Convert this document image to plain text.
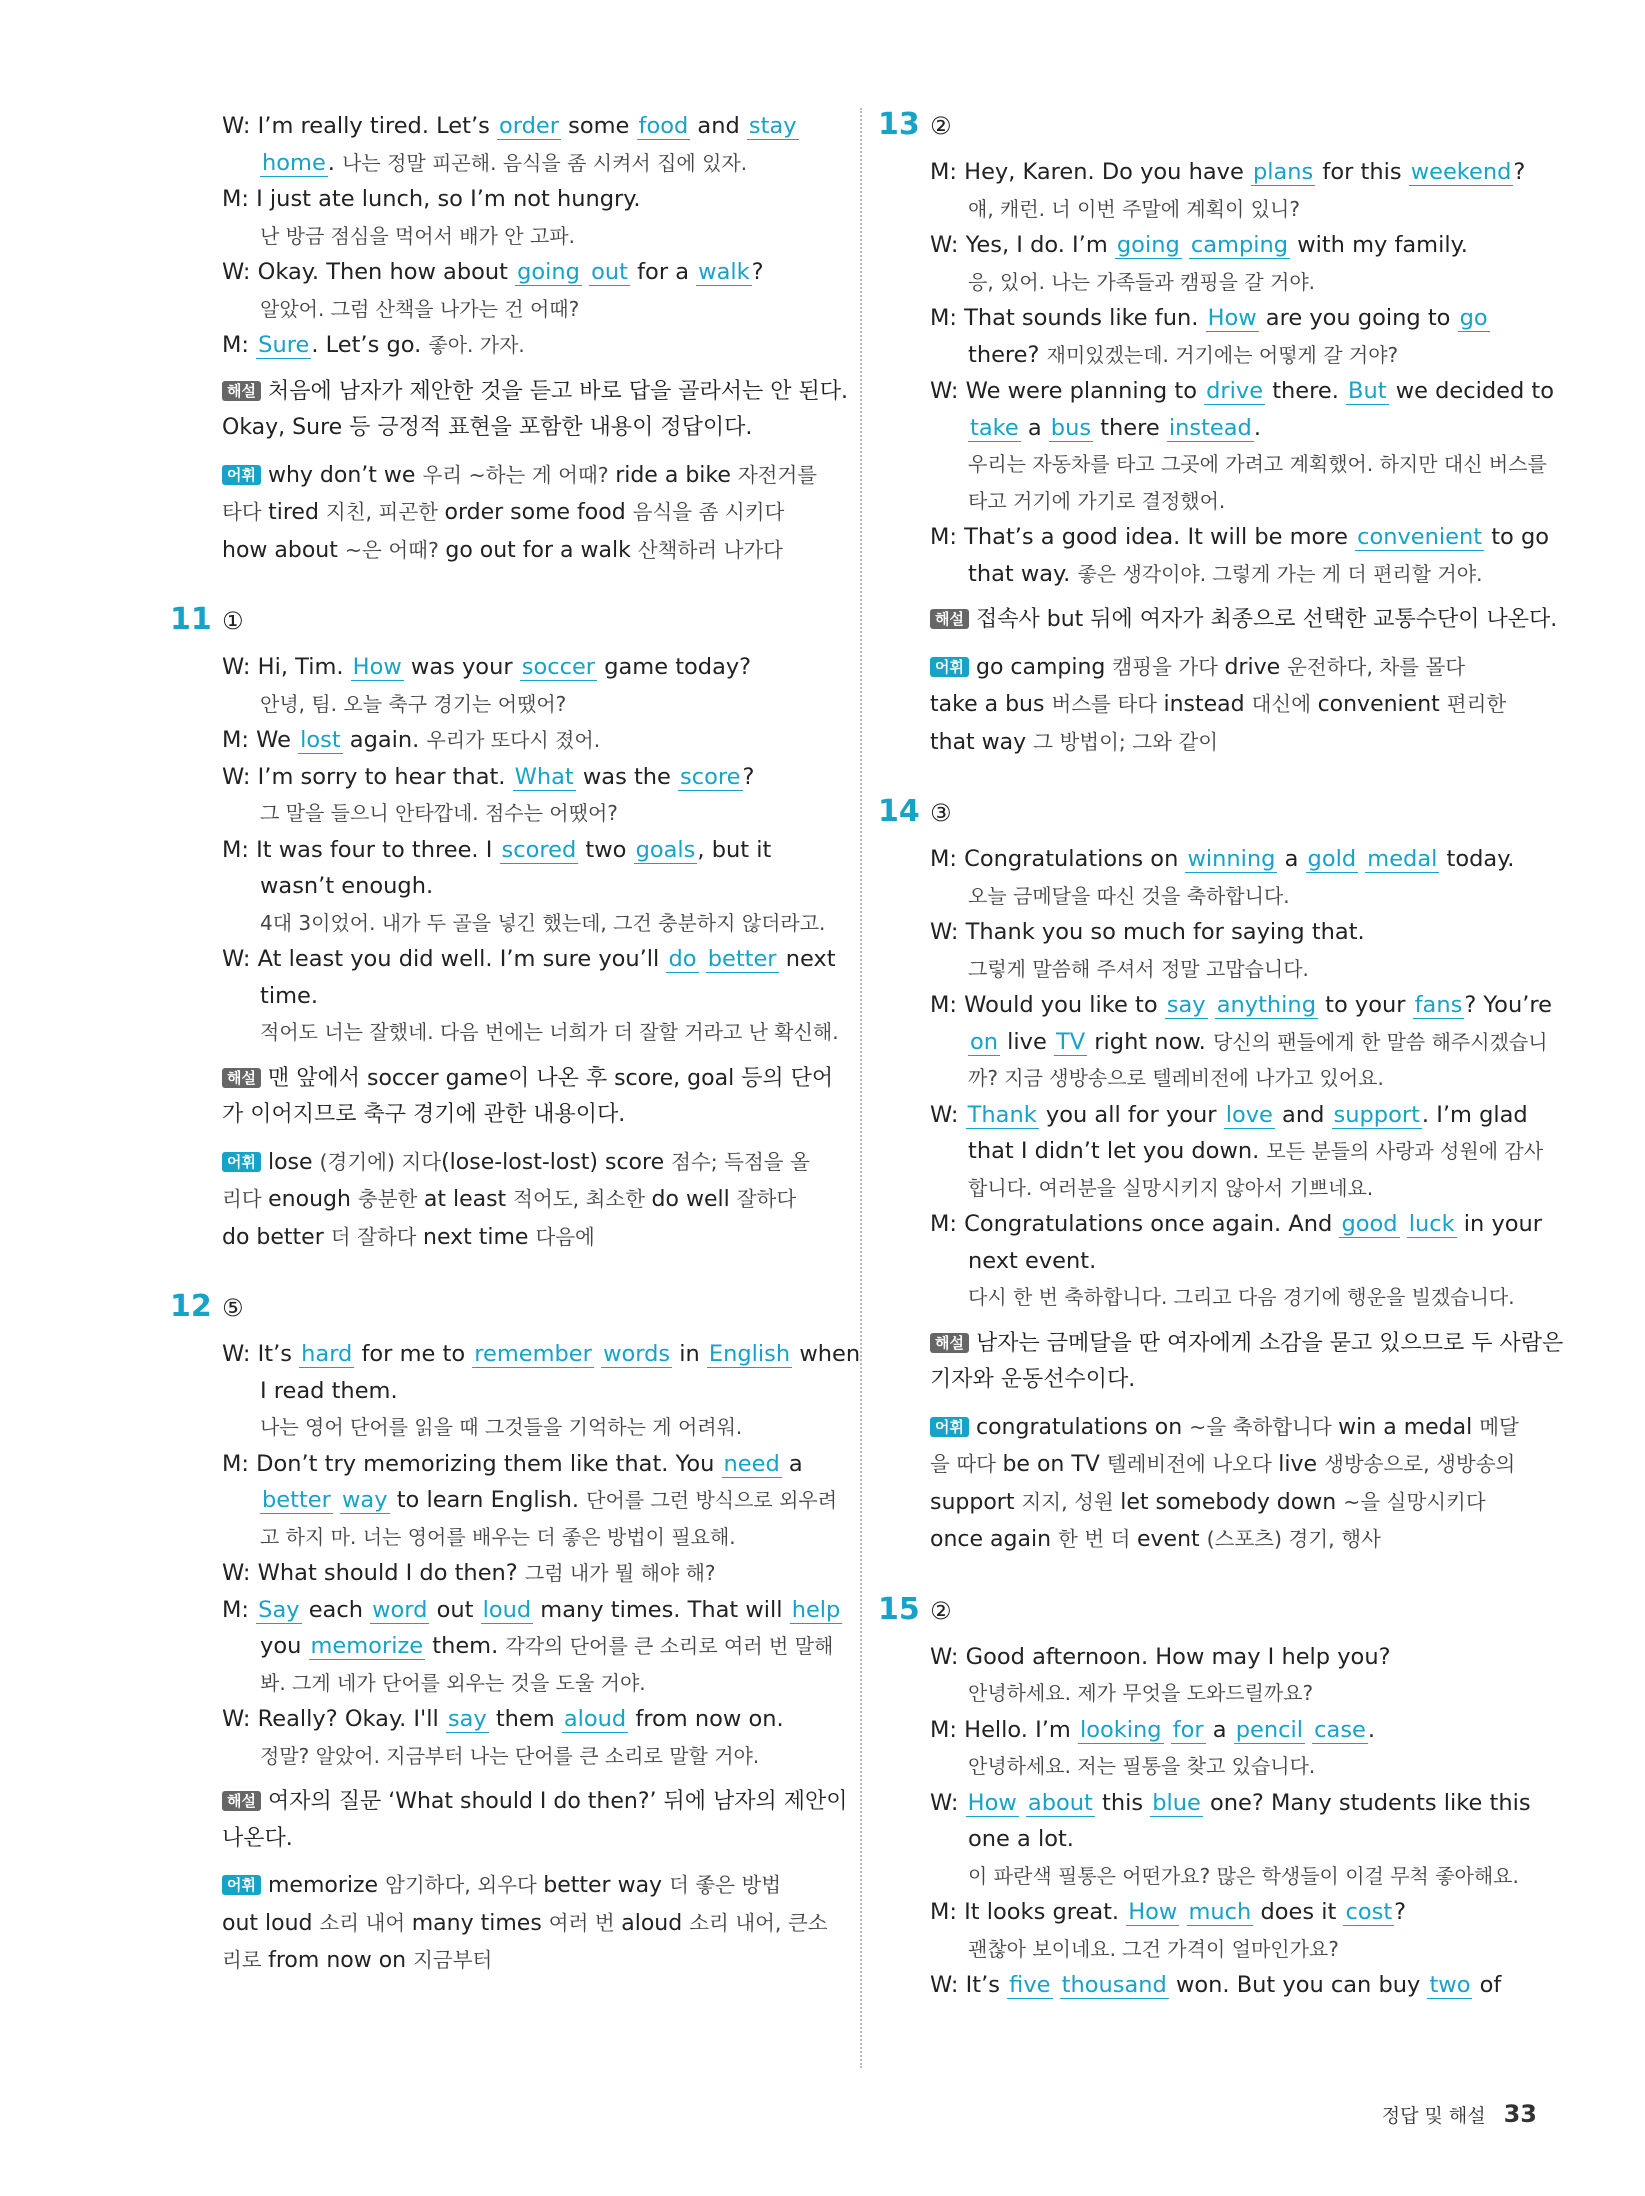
W: I’m really tired. Let’s order some food and stay
home. 나는 정말 피곤해. 음식을 좀 시켜서 집에 있자.
M: I just ate lunch, so I’m not hungry.
난 방금 점심을 먹어서 배가 안 고파.
W: Okay. Then how about going out for a walk?
알았어. 그럼 산책을 나가는 건 어때?
M: Sure. Let’s go. 좋아. 가자.
해설 처음에 남자가 제안한 것을 듣고 바로 답을 골라서는 안 된다.
Okay, Sure 등 긍정적 표현을 포함한 내용이 정답이다.
어휘 why don’t we 우리 ~하는 게 어때? ride a bike 자전거를
타다 tired 지친, 피곤한 order some food 음식을 좀 시키다
how about ~은 어때? go out for a walk 산책하러 나가다
11 ①
W: Hi, Tim. How was your soccer game today?
안녕, 팀. 오늘 축구 경기는 어땠어?
M: We lost again. 우리가 또다시 졌어.
W: I’m sorry to hear that. What was the score?
그 말을 들으니 안타깝네. 점수는 어땠어?
M: It was four to three. I scored two goals, but it
wasn’t enough.
4대 3이었어. 내가 두 골을 넣긴 했는데, 그건 충분하지 않더라고.
W: At least you did well. I’m sure you’ll do better next
time.
적어도 너는 잘했네. 다음 번에는 너희가 더 잘할 거라고 난 확신해.
해설 맨 앞에서 soccer game이 나온 후 score, goal 등의 단어
가 이어지므로 축구 경기에 관한 내용이다.
어휘 lose (경기에) 지다(lose-lost-lost) score 점수; 득점을 올
리다 enough 충분한 at least 적어도, 최소한 do well 잘하다
do better 더 잘하다 next time 다음에
12 ⑤
W: It’s hard for me to remember words in English when
I read them.
나는 영어 단어를 읽을 때 그것들을 기억하는 게 어려워.
M: Don’t try memorizing them like that. You need a
better way to learn English. 단어를 그런 방식으로 외우려
고 하지 마. 너는 영어를 배우는 더 좋은 방법이 필요해.
W: What should I do then? 그럼 내가 뭘 해야 해?
M: Say each word out loud many times. That will help
you memorize them. 각각의 단어를 큰 소리로 여러 번 말해
봐. 그게 네가 단어를 외우는 것을 도울 거야.
W: Really? Okay. I'll say them aloud from now on.
정말? 알았어. 지금부터 나는 단어를 큰 소리로 말할 거야.
해설 여자의 질문 ‘What should I do then?’ 뒤에 남자의 제안이
나온다.
어휘 memorize 암기하다, 외우다 better way 더 좋은 방법
out loud 소리 내어 many times 여러 번 aloud 소리 내어, 큰소
리로 from now on 지금부터
13 ②
M: Hey, Karen. Do you have plans for this weekend?
얘, 캐런. 너 이번 주말에 계획이 있니?
W: Yes, I do. I’m going camping with my family.
응, 있어. 나는 가족들과 캠핑을 갈 거야.
M: That sounds like fun. How are you going to go
there? 재미있겠는데. 거기에는 어떻게 갈 거야?
W: We were planning to drive there. But we decided to
take a bus there instead.
우리는 자동차를 타고 그곳에 가려고 계획했어. 하지만 대신 버스를
타고 거기에 가기로 결정했어.
M: That’s a good idea. It will be more convenient to go
that way. 좋은 생각이야. 그렇게 가는 게 더 편리할 거야.
해설 접속사 but 뒤에 여자가 최종으로 선택한 교통수단이 나온다.
어휘 go camping 캠핑을 가다 drive 운전하다, 차를 몰다
take a bus 버스를 타다 instead 대신에 convenient 편리한
that way 그 방법이; 그와 같이
14 ③
M: Congratulations on winning a gold medal today.
오늘 금메달을 따신 것을 축하합니다.
W: Thank you so much for saying that.
그렇게 말씀해 주셔서 정말 고맙습니다.
M: Would you like to say anything to your fans? You’re
on live TV right now. 당신의 팬들에게 한 말씀 해주시겠습니
까? 지금 생방송으로 텔레비전에 나가고 있어요.
W: Thank you all for your love and support. I’m glad
that I didn’t let you down. 모든 분들의 사랑과 성원에 감사
합니다. 여러분을 실망시키지 않아서 기쁘네요.
M: Congratulations once again. And good luck in your
next event.
다시 한 번 축하합니다. 그리고 다음 경기에 행운을 빌겠습니다.
해설 남자는 금메달을 딴 여자에게 소감을 묻고 있으므로 두 사람은
기자와 운동선수이다.
어휘 congratulations on ~을 축하합니다 win a medal 메달
을 따다 be on TV 텔레비전에 나오다 live 생방송으로, 생방송의
support 지지, 성원 let somebody down ~을 실망시키다
once again 한 번 더 event (스포츠) 경기, 행사
15 ②
W: Good afternoon. How may I help you?
안녕하세요. 제가 무엇을 도와드릴까요?
M: Hello. I’m looking for a pencil case.
안녕하세요. 저는 필통을 찾고 있습니다.
W: How about this blue one? Many students like this
one a lot.
이 파란색 필통은 어떤가요? 많은 학생들이 이걸 무척 좋아해요.
M: It looks great. How much does it cost?
괜찮아 보이네요. 그건 가격이 얼마인가요?
W: It’s five thousand won. But you can buy two of
정답 및 해설 33
